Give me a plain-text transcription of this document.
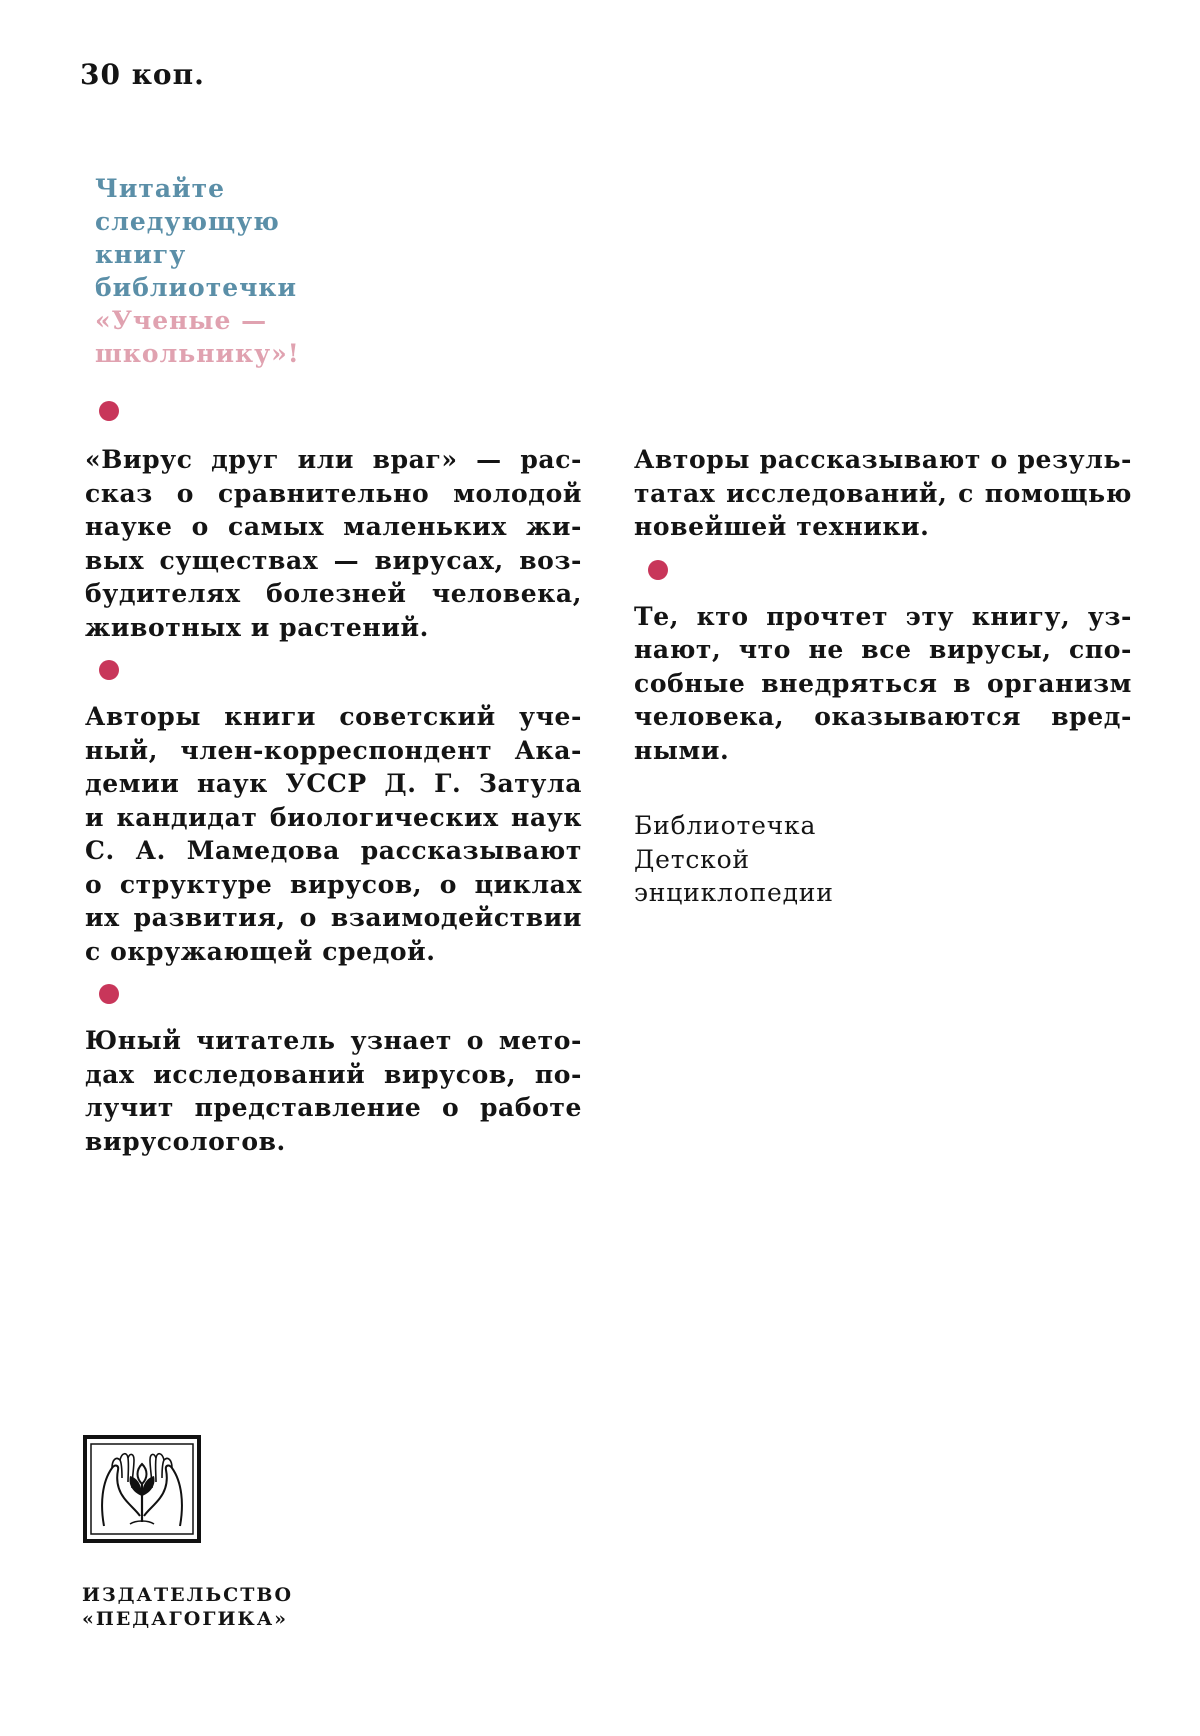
30 коп.
Читайте
следующую
книгу
библиотечки
«Ученые —
школьнику»!
«Вирус друг или враг» — рас-
сказ о сравнительно молодой
науке о самых маленьких жи-
вых существах — вирусах, воз-
будителях болезней человека,
животных и растений.
Авторы книги советский уче-
ный, член-корреспондент Ака-
демии наук УССР Д. Г. Затула
и кандидат биологических наук
С. А. Мамедова рассказывают
о структуре вирусов, о циклах
их развития, о взаимодействии
с окружающей средой.
Юный читатель узнает о мето-
дах исследований вирусов, по-
лучит представление о работе
вирусологов.
Авторы рассказывают о резуль-
татах исследований, с помощью
новейшей техники.
Те, кто прочтет эту книгу, уз-
нают, что не все вирусы, спо-
собные внедряться в организм
человека, оказываются вред-
ными.
Библиотечка
Детской
энциклопедии
ИЗДАТЕЛЬСТВО
«ПЕДАГОГИКА»
